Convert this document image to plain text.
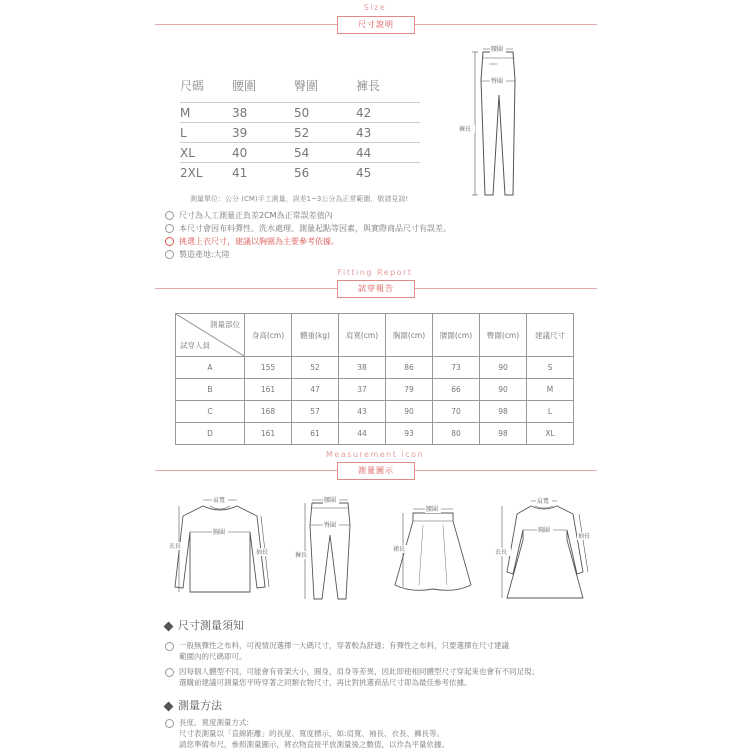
Size
尺寸說明
尺碼	腰圍	臀圍	褲長

M	38	50	42
L	39	52	43
XL	40	54	44
2XL	41	56	45
腰圍
臀圍
褲長
測量單位：公分 (CM)手工測量，誤差1~3公分為正常範圍，敬請見諒!
尺寸為人工測量正負差2CM為正常誤差值內
本尺寸會因布料彈性、洗水處理、測量起點等因素，與實際商品尺寸有誤差。
挑選上衣尺寸，建議以胸圍為主要參考依據。
製造產地:大陸
Fitting Report
試穿報告
測量部位
試穿人員	身高(cm)	體重(kg)	肩寬(cm)	胸圍(cm)	腰圍(cm)	臀圍(cm)	建議尺寸
A	155	52	38	86	73	90	S
B	161	47	37	79	66	90	M
C	168	57	43	90	70	98	L
D	161	61	44	93	80	98	XL
Measurement icon
測量圖示
肩寬
胸圍
衣長
袖長
腰圍
臀圍
褲長
腰圍
裙長
肩寬
胸圍
衣長
袖長
尺寸測量須知
一般無彈性之布料，可視情況選擇一大碼尺寸，穿著較為舒適；有彈性之布料，只要選擇在尺寸建議
範圍內的尺碼即可。
因每個人體型不同，可能會有骨架大小，圓身，肩身等差異，因此即使相同體型尺寸穿起來也會有不同足現；
選購前建議可測量您平時穿著之同類衣物尺寸，再比對挑選商品尺寸即為最佳參考依據。
測量方法
長度、寬度測量方式:
尺寸表測量以「直線距離」的長度、寬度標示，如:肩寬、袖長、衣長、褲長等。
請您準備布尺，參照測量圖示，將衣物直接平放測量後之數值，以作為平量依據。
